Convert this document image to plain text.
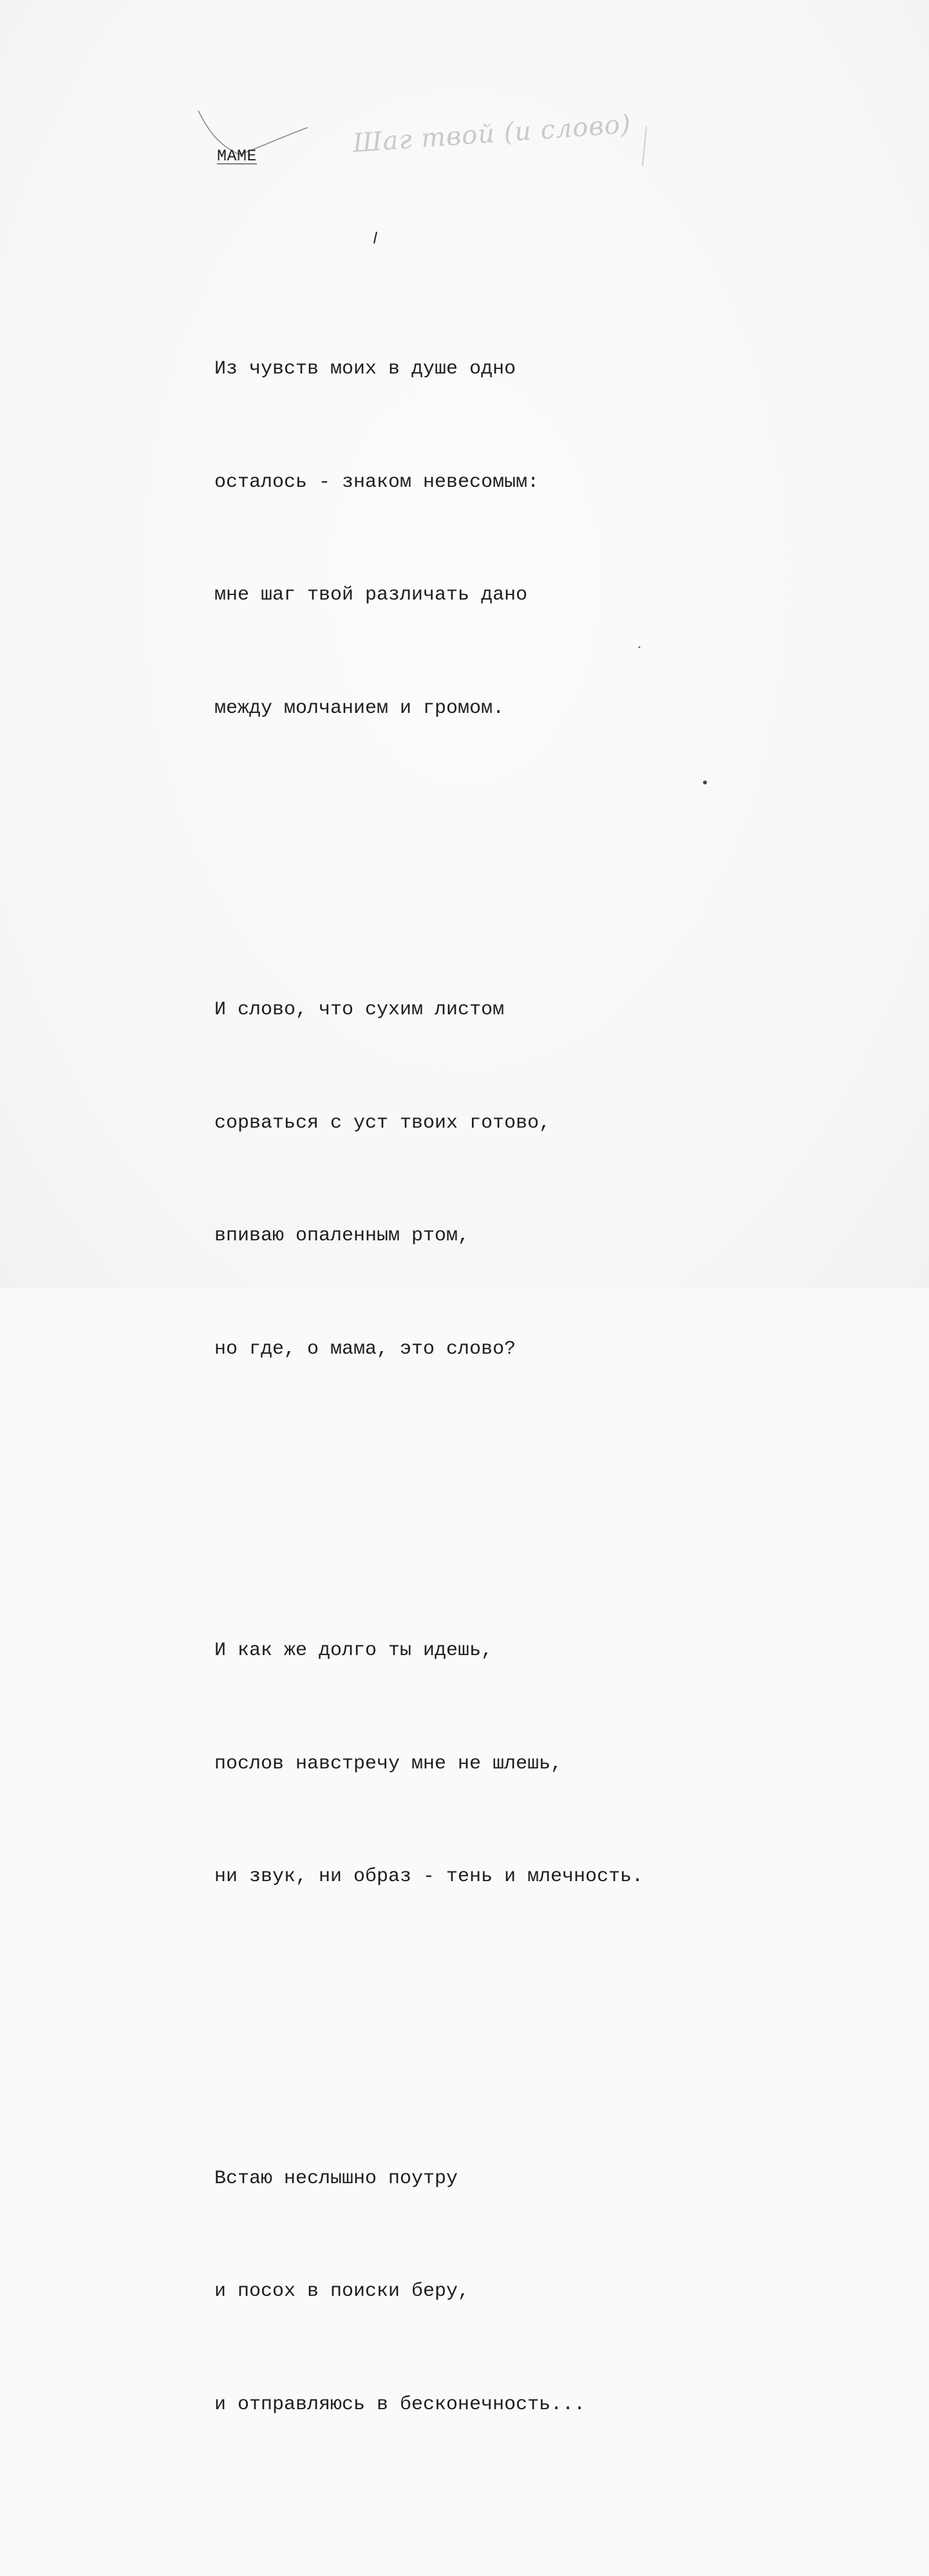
МАМЕ	Шаг твой (и слово)

Из чувств моих в душе одно

осталось - знаком невесомым:

мне шаг твой различать дано

между молчанием и громом.

И слово, что сухим листом

сорваться с уст твоих готово,

впиваю опаленным ртом,

но где, о мама, это слово?

И как же долго ты идешь,

послов навстречу мне не шлешь,

ни звук, ни образ - тень и млечность.

Встаю неслышно поутру

и посох в поиски беру,

и отправляюсь в бесконечность...
